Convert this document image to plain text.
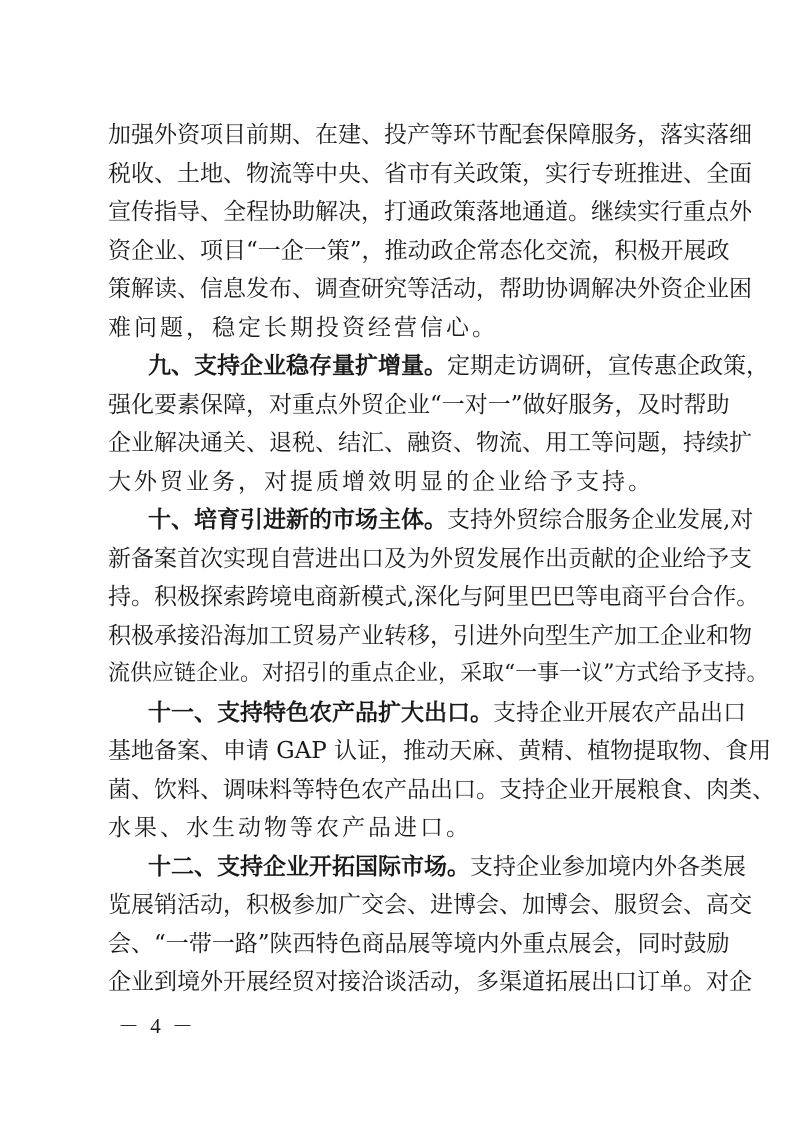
加强外资项目前期、在建、投产等环节配套保障服务，落实落细
税收、土地、物流等中央、省市有关政策，实行专班推进、全面
宣传指导、全程协助解决，打通政策落地通道。继续实行重点外
资企业、项目“一企一策”，推动政企常态化交流，积极开展政
策解读、信息发布、调查研究等活动，帮助协调解决外资企业困
难问题，稳定长期投资经营信心。
九、支持企业稳存量扩增量。定期走访调研，宣传惠企政策，
强化要素保障，对重点外贸企业“一对一”做好服务，及时帮助
企业解决通关、退税、结汇、融资、物流、用工等问题，持续扩
大外贸业务，对提质增效明显的企业给予支持。
十、培育引进新的市场主体。支持外贸综合服务企业发展,对
新备案首次实现自营进出口及为外贸发展作出贡献的企业给予支
持。积极探索跨境电商新模式,深化与阿里巴巴等电商平台合作。
积极承接沿海加工贸易产业转移，引进外向型生产加工企业和物
流供应链企业。对招引的重点企业，采取“一事一议”方式给予支持。
十一、支持特色农产品扩大出口。支持企业开展农产品出口
基地备案、申请 GAP 认证，推动天麻、黄精、植物提取物、食用
菌、饮料、调味料等特色农产品出口。支持企业开展粮食、肉类、
水果、水生动物等农产品进口。
十二、支持企业开拓国际市场。支持企业参加境内外各类展
览展销活动，积极参加广交会、进博会、加博会、服贸会、高交
会、“一带一路”陕西特色商品展等境内外重点展会，同时鼓励
企业到境外开展经贸对接洽谈活动，多渠道拓展出口订单。对企
－ 4 －
